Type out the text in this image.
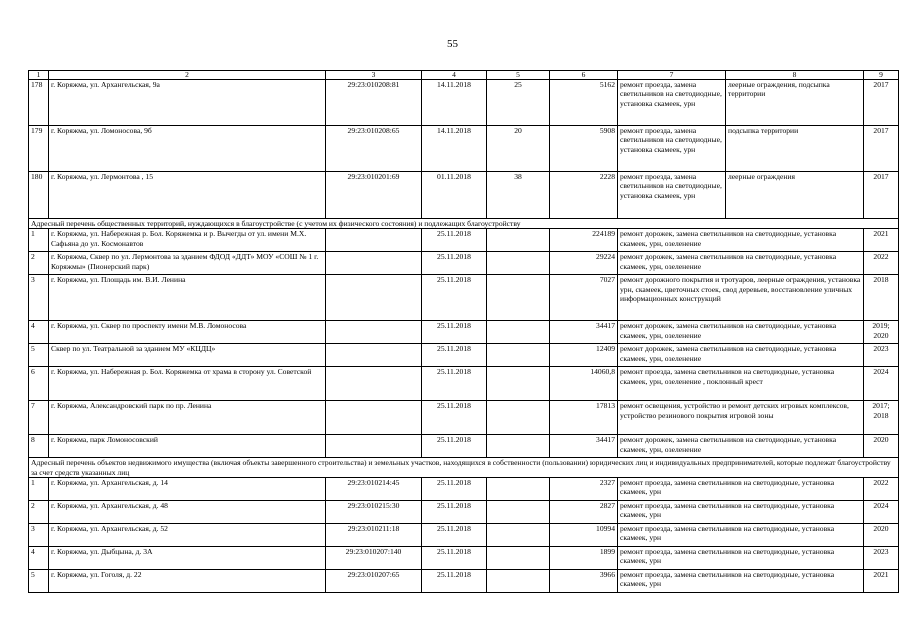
55
1	2	3	4	5	6	7	8	9
178	г. Коряжма, ул. Архангельская, 9а	29:23:010208:81	14.11.2018	25	5162	ремонт проезда, замена светильников на светодиодные, установка скамеек, урн	леерные ограждения, подсыпка территории	2017
179	г. Коряжма, ул. Ломоносова, 9б	29:23:010208:65	14.11.2018	20	5908	ремонт проезда, замена светильников на светодиодные, установка скамеек, урн	подсыпка территории	2017
180	г. Коряжма, ул. Лермонтова , 15	29:23:010201:69	01.11.2018	38	2228	ремонт проезда, замена светильников на светодиодные, установка скамеек, урн	леерные ограждения	2017
Адресный перечень общественных территорий, нуждающихся в благоустройстве (с учетом их физического состояния) и подлежащих благоустройству								
1	г. Коряжма, ул. Набережная р. Бол. Коряжемка и р. Вычегды от ул. имени М.Х. Сафьяна до ул. Космонавтов		25.11.2018		224189	ремонт дорожек, замена светильников на светодиодные, установка скамеек, урн, озеленение		2021
2	г. Коряжма, Сквер по ул. Лермонтова за зданием ФДОД «ДДТ» МОУ «СОШ № 1 г. Коряжмы» (Пионерский парк)		25.11.2018		29224	ремонт дорожек, замена светильников на светодиодные, установка скамеек, урн, озеленение		2022
3	г. Коряжма, ул. Площадь им. В.И. Ленина		25.11.2018		7027	ремонт дорожного покрытия и тротуаров, леерные ограждения, установка урн, скамеек, цветочных стоек, свод деревьев, восстановление уличных информационных конструкций		2018
4	г. Коряжма, ул. Сквер по проспекту имени М.В. Ломоносова		25.11.2018		34417	ремонт дорожек, замена светильников на светодиодные, установка скамеек, урн, озеленение		2019; 2020
5	Сквер по ул. Театральной за зданием МУ «КЦДЦ»		25.11.2018		12409	ремонт дорожек, замена светильников на светодиодные, установка скамеек, урн, озеленение		2023
6	г. Коряжма, ул. Набережная р. Бол. Коряжемка от храма в сторону ул. Советской		25.11.2018		14060,8	ремонт проезда, замена светильников на светодиодные, установка скамеек, урн, озеленение , поклонный крест		2024
7	г. Коряжма, Александровский парк по пр. Ленина		25.11.2018		17813	ремонт освещения, устройство и ремонт детских игровых комплексов, устройство резинового покрытия игровой зоны		2017; 2018
8	г. Коряжма, парк Ломоносовский		25.11.2018		34417	ремонт дорожек, замена светильников на светодиодные, установка скамеек, урн, озеленение		2020
Адресный перечень объектов недвижимого имущества (включая объекты завершенного строительства) и земельных участков, находящихся в собственности (пользовании) юридических лиц и индивидуальных предпринимателей, которые подлежат благоустройству за счет средств указанных лиц								
1	г. Коряжма, ул. Архангельская, д. 14	29:23:010214:45	25.11.2018		2327	ремонт проезда, замена светильников на светодиодные, установка скамеек, урн		2022
2	г. Коряжма, ул. Архангельская, д. 48	29:23:010215:30	25.11.2018		2827	ремонт проезда, замена светильников на светодиодные, установка скамеек, урн		2024
3	г. Коряжма, ул. Архангельская, д. 52	29:23:010211:18	25.11.2018		10994	ремонт проезда, замена светильников на светодиодные, установка скамеек, урн		2020
4	г. Коряжма, ул. Дыбцына, д. 3А	29:23:010207:140	25.11.2018		1899	ремонт проезда, замена светильников на светодиодные, установка скамеек, урн		2023
5	г. Коряжма, ул. Гоголя, д. 22	29:23:010207:65	25.11.2018		3966	ремонт проезда, замена светильников на светодиодные, установка скамеек, урн		2021
